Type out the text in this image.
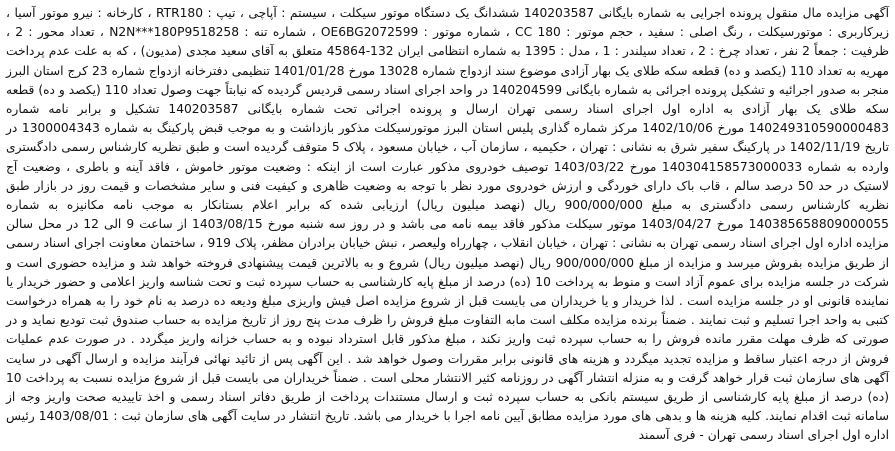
آگهی مزایده مال منقول پرونده اجرایی به شماره بایگانی 140203587 ششدانگ یک دستگاه موتور سیکلت ، سیستم : آپاچی ، تیپ : RTR180 ، کارخانه : نیرو موتور آسیا ، زیرکاربری : موتورسیکلت ، رنگ اصلی : سفید ، حجم موتور : 180 CC ، شماره موتور : OE6BG2072599 ، شماره تنه : N2N***180P9518258 ، تعداد محور : 2 ، ظرفیت : جمعاً 2 نفر ، تعداد چرخ : 2 ، تعداد سیلندر : 1 ، مدل : 1395 به شماره انتظامی ایران 132-45864 متعلق به آقای سعید مجدی (مدیون) ، که به علت عدم پرداخت مهریه به تعداد 110 (یکصد و ده) قطعه سکه طلای یک بهار آزادی موضوع سند ازدواج شماره 13028 مورخ 1401/01/28 تنظیمی دفترخانه ازدواج شماره 23 کرج استان البرز منجر به صدور اجرائیه و تشکیل پرونده اجرائی به شماره بایگانی 140204599 در واحد اجرای اسناد رسمی قردیس گردیده که نیابتاً جهت وصول تعداد 110 (یکصد و ده) قطعه سکه طلای یک بهار آزادی به اداره اول اجرای اسناد رسمی تهران ارسال و پرونده اجرائی تحت شماره بایگانی 140203587 تشکیل و برابر نامه شماره 140249310590000483 مورخ 1402/10/06 مرکز شماره گذاری پلیس استان البرز موتورسیکلت مذکور بازداشت و به موجب قبض پارکینگ به شماره 1300004343 در تاریخ 1402/11/19 در پارکینگ سفیر شرق به نشانی : تهران ، حکیمیه ، سازمان آب ، خیابان مسعود ، پلاک 5 متوقف گردیده است و طبق نظریه کارشناس رسمی دادگستری وارده به شماره 140304158573000033 مورخ 1403/03/22 توصیف خودروی مذکور عبارت است از اینکه : وضعیت موتور خاموش ، فاقد آینه و باطری ، وضعیت آج لاستیک در حد 50 درصد سالم ، قاب باک دارای خوردگی و ارزش خودروی مورد نظر با توجه به وضعیت ظاهری و کیفیت فنی و سایر مشخصات و قیمت روز در بازار طبق نظریه کارشناس رسمی دادگستری به مبلغ 900/000/000 ریال (نهصد میلیون ریال) ارزیابی شده که برابر اعلام بستانکار به موجب نامه مکانیزه به شماره 140385658809000055 مورخ 1403/04/27 موتور سیکلت مذکور فاقد بیمه نامه می باشد و در روز سه شنبه مورخ 1403/08/15 از ساعت 9 الی 12 در محل سالن مزایده اداره اول اجرای اسناد رسمی تهران به نشانی : تهران ، خیابان انقلاب ، چهارراه ولیعصر ، نبش خیابان برادران مظفر، پلاک 919 ، ساختمان معاونت اجرای اسناد رسمی از طریق مزایده بفروش میرسد و مزایده از مبلغ 900/000/000 ریال (نهصد میلیون ریال) شروع و به بالاترین قیمت پیشنهادی فروخته خواهد شد و مزایده حضوری است و شرکت در جلسه مزایده برای عموم آزاد است و منوط به پرداخت 10 (ده) درصد از مبلغ پایه کارشناسی به حساب سپرده ثبت و تحت شناسه واریز اعلامی و حضور خریدار یا نماینده قانونی او در جلسه مزایده است . لذا خریدار و یا خریداران می بایست قبل از شروع مزایده اصل فیش واریزی مبلغ ودیعه ده درصد به نام خود را به همراه درخواست کتبی به واحد اجرا تسلیم و ثبت نمایند . ضمناً برنده مزایده مکلف است مابه التفاوت مبلغ فروش را ظرف مدت پنج روز از تاریخ مزایده به حساب صندوق ثبت تودیع نماید و در صورتی که ظرف مهلت مقرر مانده فروش را به حساب سپرده ثبت واریز نکند ، مبلغ مذکور قابل استرداد نبوده و به حساب خزانه واریز میگردد . در صورت عدم عملیات فروش از درجه اعتبار ساقط و مزایده تجدید میگردد و هزینه های قانونی برابر مقررات وصول خواهد شد . این آگهی پس از تائید نهائی فرآیند مزایده و ارسال آگهی در سایت آگهی های سازمان ثبت قرار خواهد گرفت و به منزله انتشار آگهی در روزنامه کثیر الانتشار محلی است . ضمناً خریداران می بایست قبل از شروع مزایده نسبت به پرداخت 10 (ده) درصد از مبلغ پایه کارشناسی از طریق سیستم بانکی به حساب سپرده ثبت و ارسال مستندات پرداخت از طریق دفاتر اسناد رسمی و اخذ تاییدیه صحت واریز وجه از سامانه ثبت اقدام نمایند. کلیه هزینه ها و بدهی های مورد مزایده مطابق آیین نامه اجرا با خریدار می باشد. تاریخ انتشار در سایت آگهی های سازمان ثبت : 1403/08/01 رئیس اداره اول اجرای اسناد رسمی تهران - فری آسمند
